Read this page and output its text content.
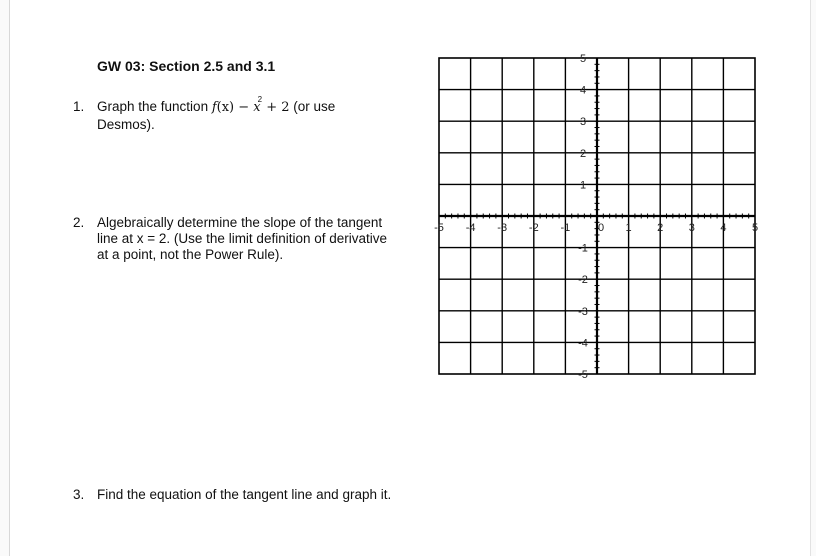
GW 03: Section 2.5 and 3.1
1. Graph the function $f(x) - x^2 + 2$ (or use
Desmos).
2. Algebraically determine the slope of the tangent
line at x = 2. (Use the limit definition of derivative
at a point, not the Power Rule).
3. Find the equation of the tangent line and graph it.
-5 -4 -3 -2 -1	1 2 3 4 5
5
4
3
2
1
-1
-2
-3
-4
-5
0
